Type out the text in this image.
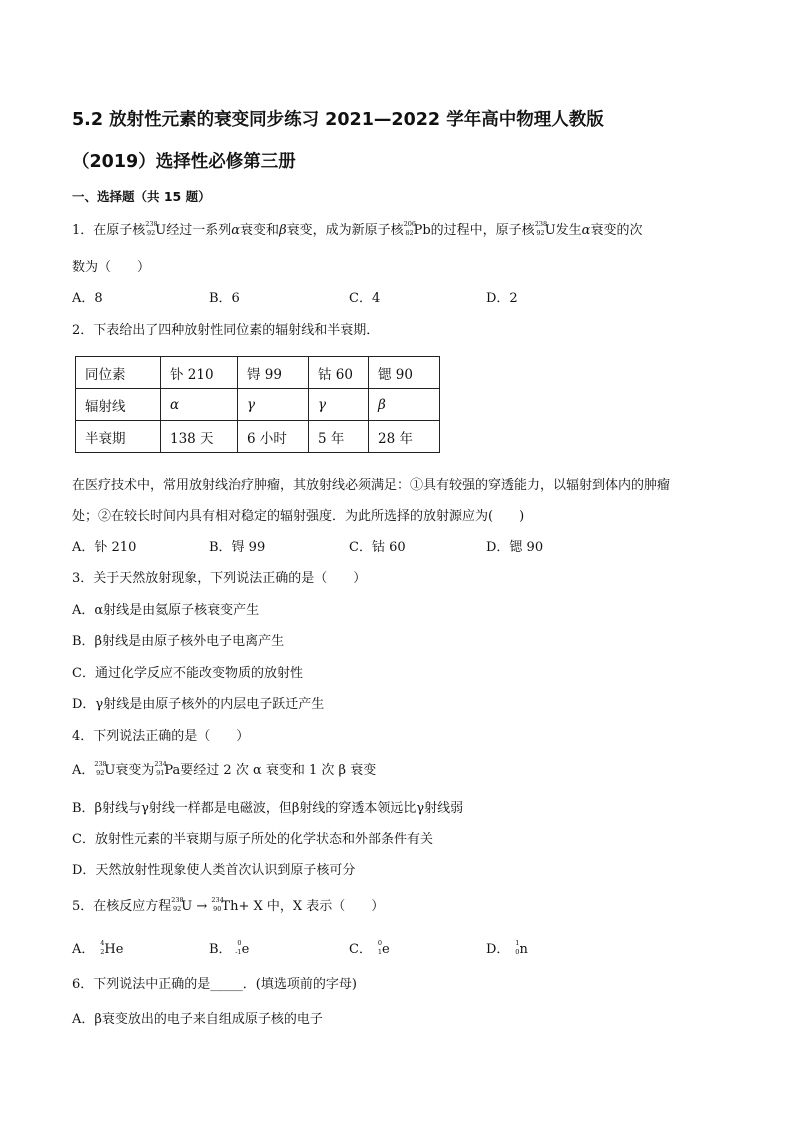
5.2 放射性元素的衰变同步练习 2021—2022 学年高中物理人教版
（2019）选择性必修第三册
一、选择题（共 15 题）
1．在原子核 238
92 U经过一系列α衰变和β衰变，成为新原子核 206
82 Pb的过程中，原子核 238
92 U发生α衰变的次
数为（　　）
A．8	B．6	C．4	D．2
2．下表给出了四种放射性同位素的辐射线和半衰期．
同位素	钋 210	锝 99	钴 60	锶 90
辐射线	α	γ	γ	β
半衰期	138 天	6 小时	5 年	28 年
在医疗技术中，常用放射线治疗肿瘤，其放射线必须满足：①具有较强的穿透能力，以辐射到体内的肿瘤
处；②在较长时间内具有相对稳定的辐射强度．为此所选择的放射源应为(　　)
A．钋 210	B．锝 99	C．钴 60	D．锶 90
3．关于天然放射现象，下列说法正确的是（　　）
A．α射线是由氦原子核衰变产生
B．β射线是由原子核外电子电离产生
C．通过化学反应不能改变物质的放射性
D．γ射线是由原子核外的内层电子跃迁产生
4．下列说法正确的是（　　）
A． 238
92 U衰变为 234
91 Pa要经过 2 次 α 衰变和 1 次 β 衰变
B．β射线与γ射线一样都是电磁波，但β射线的穿透本领远比γ射线弱
C．放射性元素的半衰期与原子所处的化学状态和外部条件有关
D．天然放射性现象使人类首次认识到原子核可分
5．在核反应方程 238
92 U → 234
90 Th+ X 中，X 表示（　　）
A． 4
2 He	B． 0
-1 e	C． 0
1 e	D． 1
0 n
6．下列说法中正确的是_____．(填选项前的字母)
A．β衰变放出的电子来自组成原子核的电子
